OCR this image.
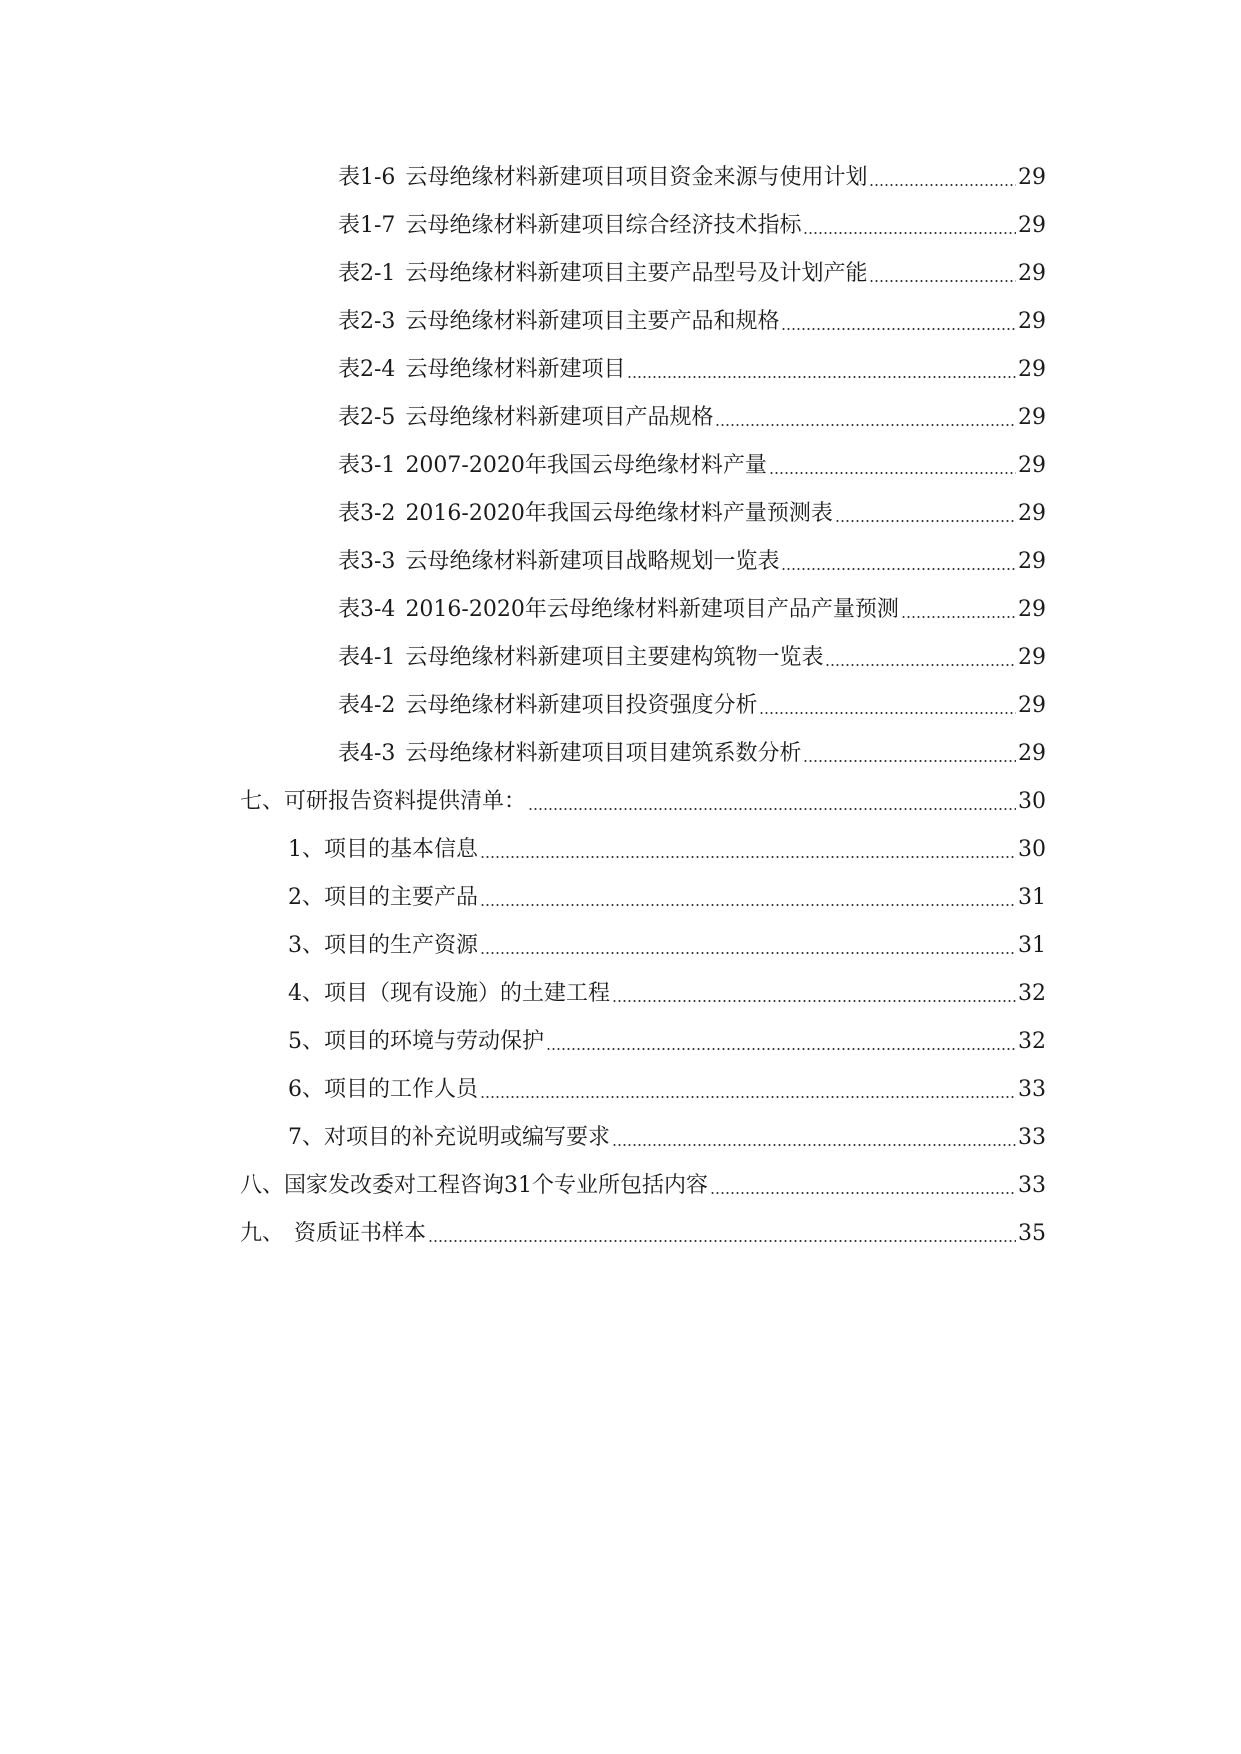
表1-6 云母绝缘材料新建项目项目资金来源与使用计划	29
表1-7 云母绝缘材料新建项目综合经济技术指标	29
表2-1 云母绝缘材料新建项目主要产品型号及计划产能	29
表2-3 云母绝缘材料新建项目主要产品和规格	29
表2-4 云母绝缘材料新建项目	29
表2-5 云母绝缘材料新建项目产品规格	29
表3-1 2007-2020年我国云母绝缘材料产量	29
表3-2 2016-2020年我国云母绝缘材料产量预测表	29
表3-3 云母绝缘材料新建项目战略规划一览表	29
表3-4 2016-2020年云母绝缘材料新建项目产品产量预测	29
表4-1 云母绝缘材料新建项目主要建构筑物一览表	29
表4-2 云母绝缘材料新建项目投资强度分析	29
表4-3 云母绝缘材料新建项目项目建筑系数分析	29
七、可研报告资料提供清单：	30
1、项目的基本信息	30
2、项目的主要产品	31
3、项目的生产资源	31
4、项目（现有设施）的土建工程	32
5、项目的环境与劳动保护	32
6、项目的工作人员	33
7、对项目的补充说明或编写要求	33
八、国家发改委对工程咨询31个专业所包括内容	33
九、 资质证书样本	35
